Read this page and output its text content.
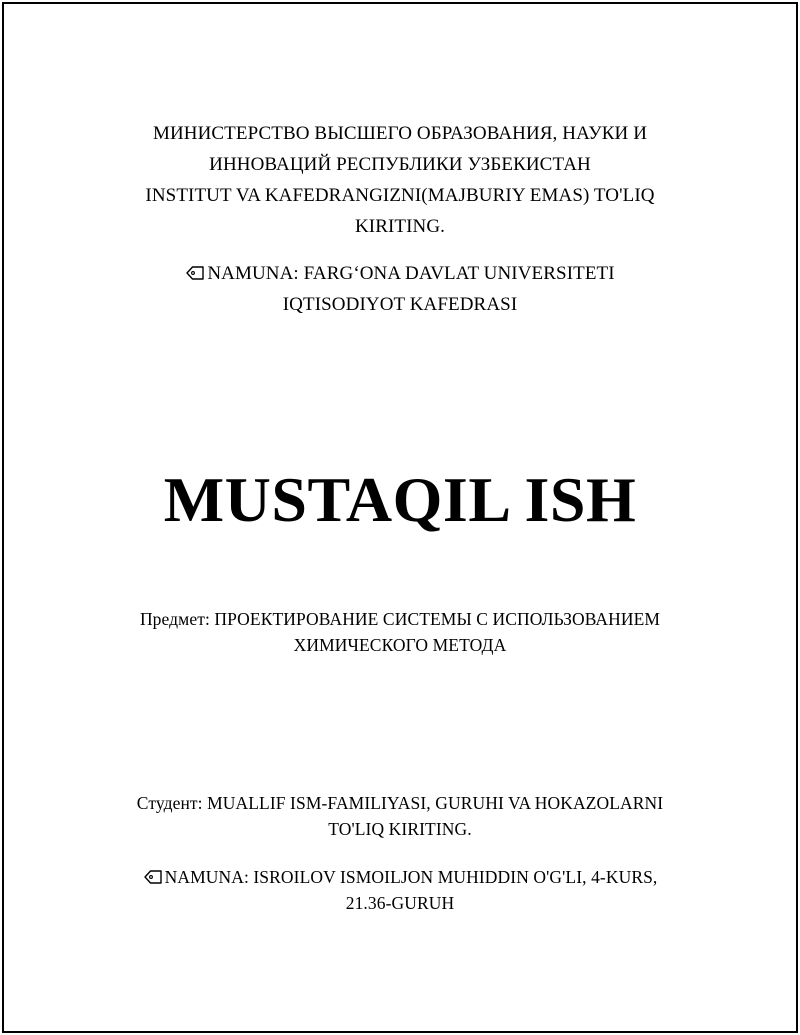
МИНИСТЕРСТВО ВЫСШЕГО ОБРАЗОВАНИЯ, НАУКИ И
ИННОВАЦИЙ РЕСПУБЛИКИ УЗБЕКИСТАН
INSTITUT VA KAFEDRANGIZNI(MAJBURIY EMAS) TO'LIQ
KIRITING.
NAMUNA: FARG‘ONA DAVLAT UNIVERSITETI
IQTISODIYOT KAFEDRASI
MUSTAQIL ISH
Предмет: ПРОЕКТИРОВАНИЕ СИСТЕМЫ С ИСПОЛЬЗОВАНИЕМ
ХИМИЧЕСКОГО МЕТОДА
Студент: MUALLIF ISM-FAMILIYASI, GURUHI VA HOKAZOLARNI
TO'LIQ KIRITING.
NAMUNA: ISROILOV ISMOILJON MUHIDDIN O'G'LI, 4-KURS,
21.36-GURUH
